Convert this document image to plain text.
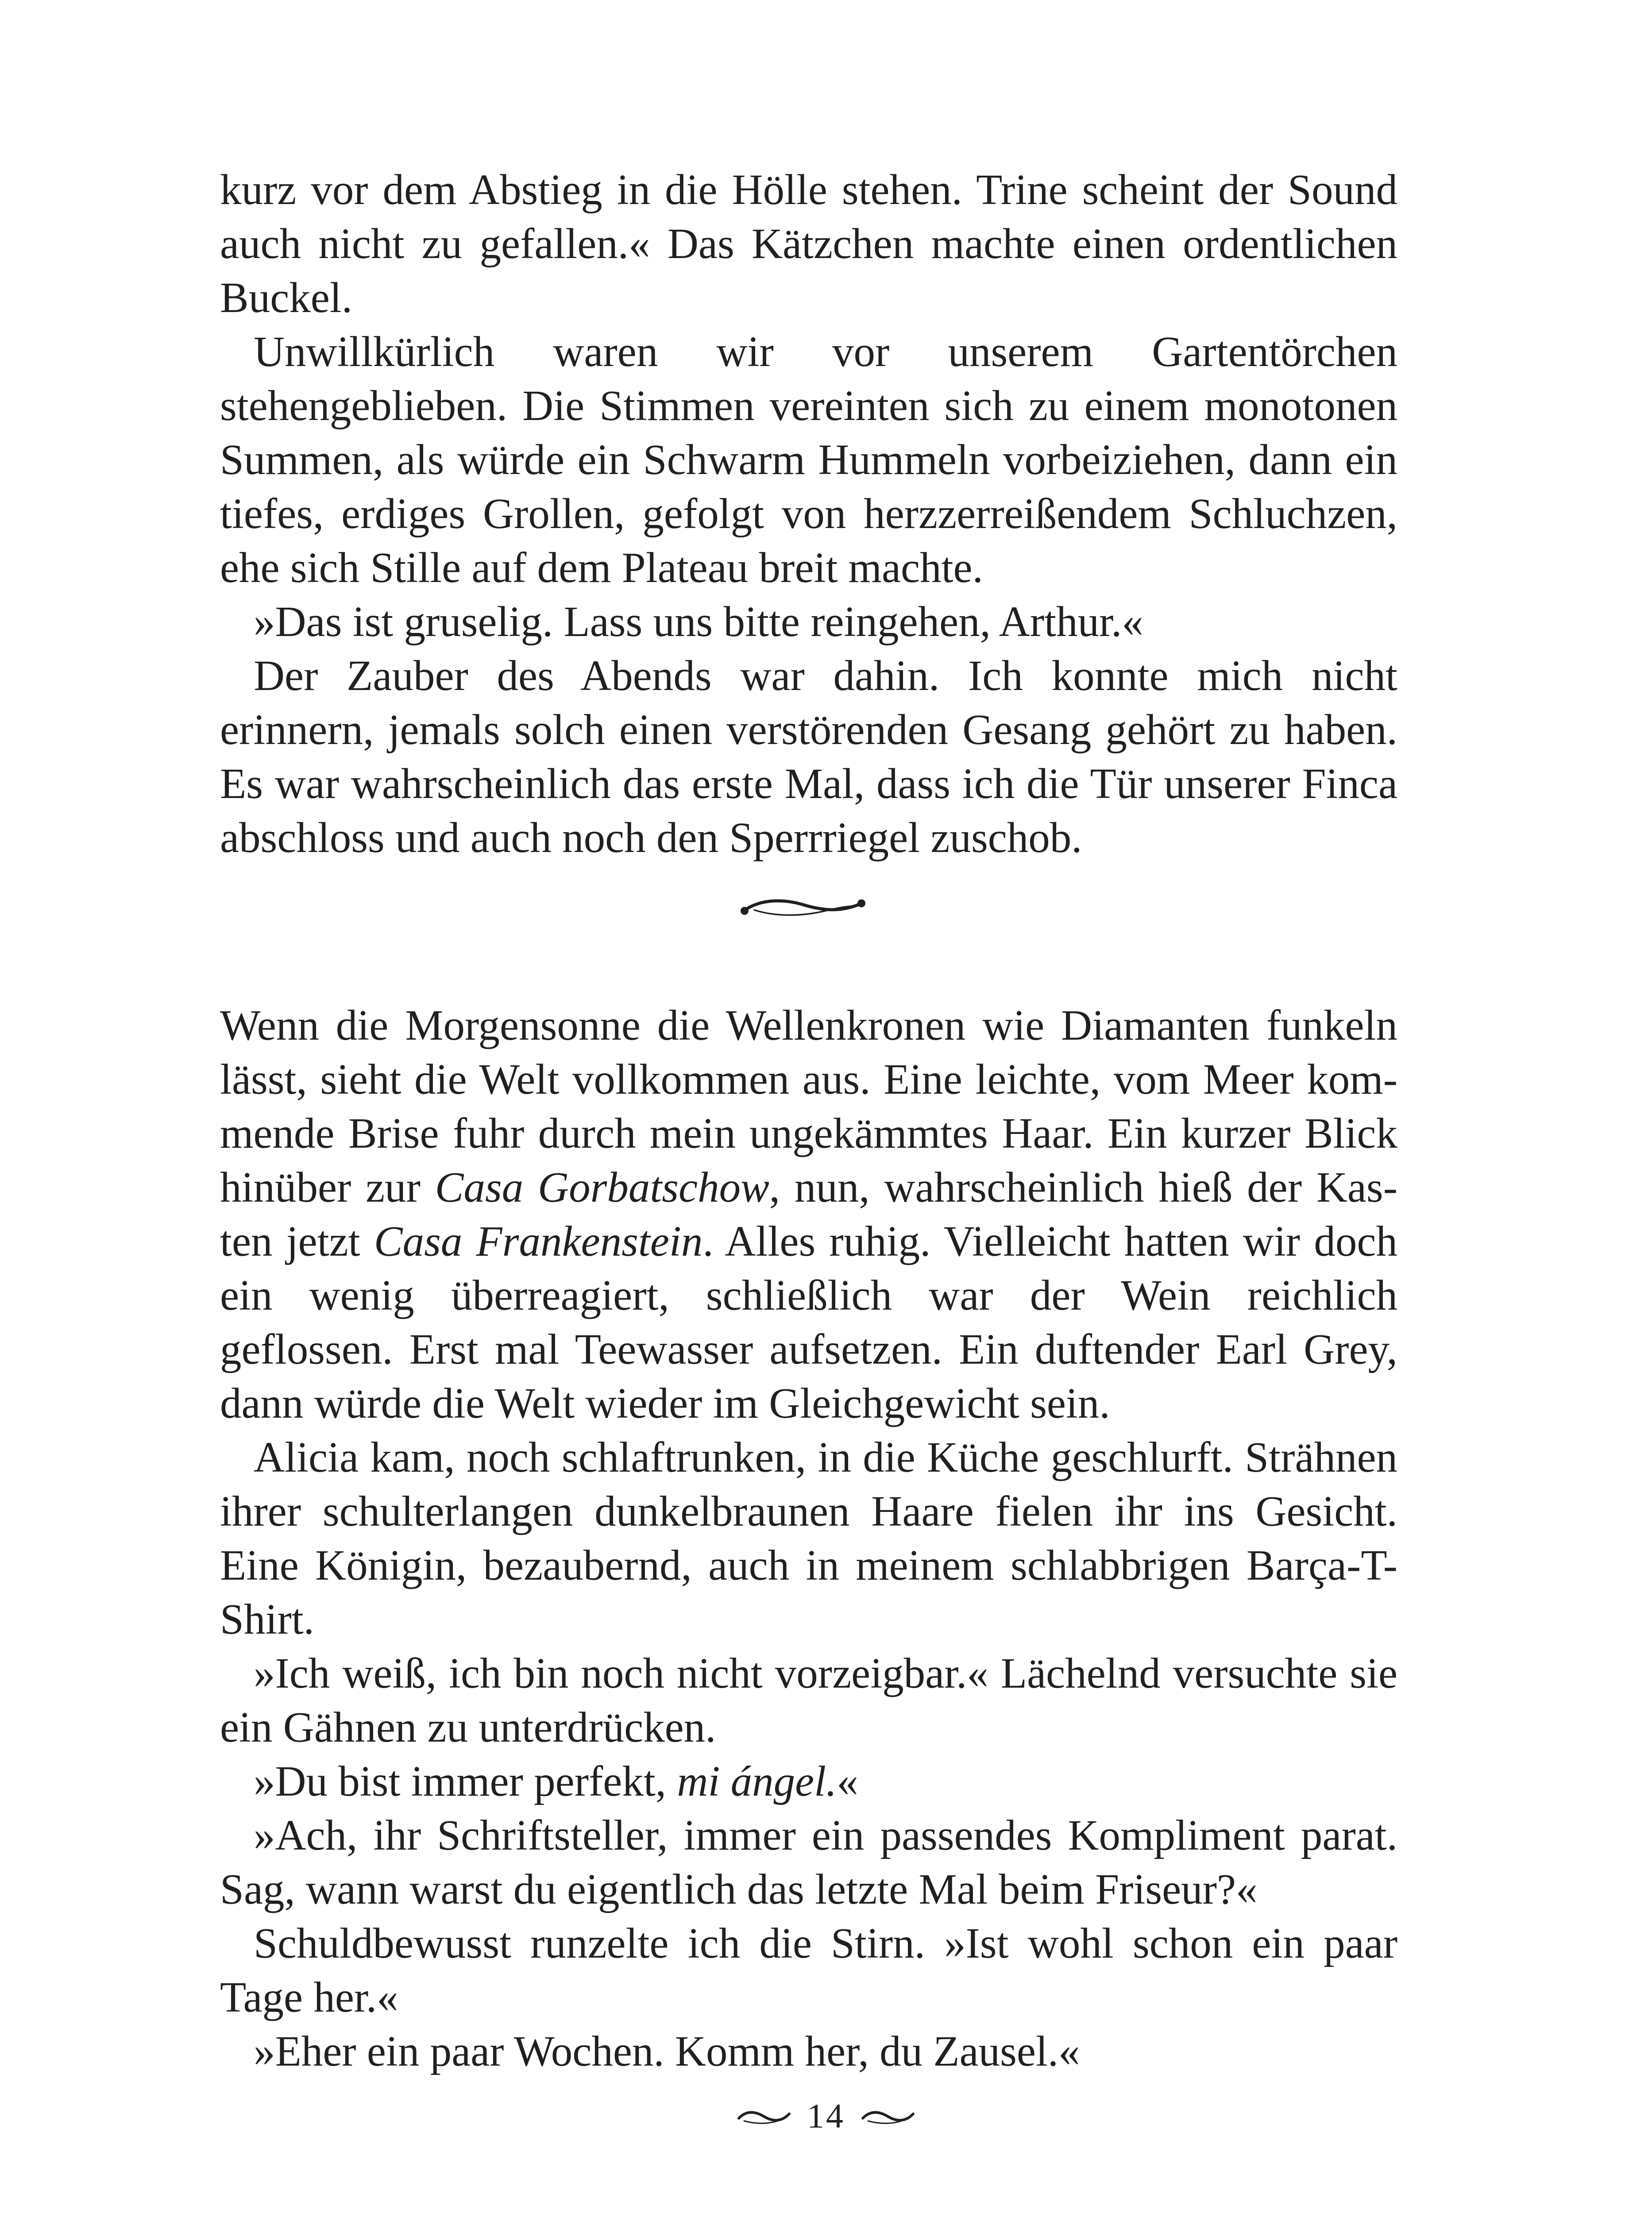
kurz vor dem Abstieg in die Hölle stehen. Trine scheint der Sound auch nicht zu gefallen.« Das Kätzchen machte einen ordentlichen Buckel.

Unwillkürlich waren wir vor unserem Gartentörchen stehengeblieben. Die Stimmen vereinten sich zu einem monotonen Summen, als würde ein Schwarm Hummeln vorbeiziehen, dann ein tiefes, erdiges Grollen, gefolgt von herzzerreißendem Schluchzen, ehe sich Stille auf dem Plateau breit machte.

»Das ist gruselig. Lass uns bitte reingehen, Arthur.«

Der Zauber des Abends war dahin. Ich konnte mich nicht erinnern, jemals solch einen verstörenden Gesang gehört zu haben. Es war wahrscheinlich das erste Mal, dass ich die Tür unserer Finca abschloss und auch noch den Sperrriegel zuschob.

Wenn die Morgensonne die Wellenkronen wie Diamanten funkeln lässt, sieht die Welt vollkommen aus. Eine leichte, vom Meer kommende Brise fuhr durch mein ungekämmtes Haar. Ein kurzer Blick hinüber zur Casa Gorbatschow, nun, wahrscheinlich hieß der Kasten jetzt Casa Frankenstein. Alles ruhig. Vielleicht hatten wir doch ein wenig überreagiert, schließlich war der Wein reichlich geflossen. Erst mal Teewasser aufsetzen. Ein duftender Earl Grey, dann würde die Welt wieder im Gleichgewicht sein.

Alicia kam, noch schlaftrunken, in die Küche geschlurft. Strähnen ihrer schulterlangen dunkelbraunen Haare fielen ihr ins Gesicht. Eine Königin, bezaubernd, auch in meinem schlabbrigen Barça-T-Shirt.

»Ich weiß, ich bin noch nicht vorzeigbar.« Lächelnd versuchte sie ein Gähnen zu unterdrücken.

»Du bist immer perfekt, mi ángel.«

»Ach, ihr Schriftsteller, immer ein passendes Kompliment parat. Sag, wann warst du eigentlich das letzte Mal beim Friseur?«

Schuldbewusst runzelte ich die Stirn. »Ist wohl schon ein paar Tage her.«

»Eher ein paar Wochen. Komm her, du Zausel.«

14
